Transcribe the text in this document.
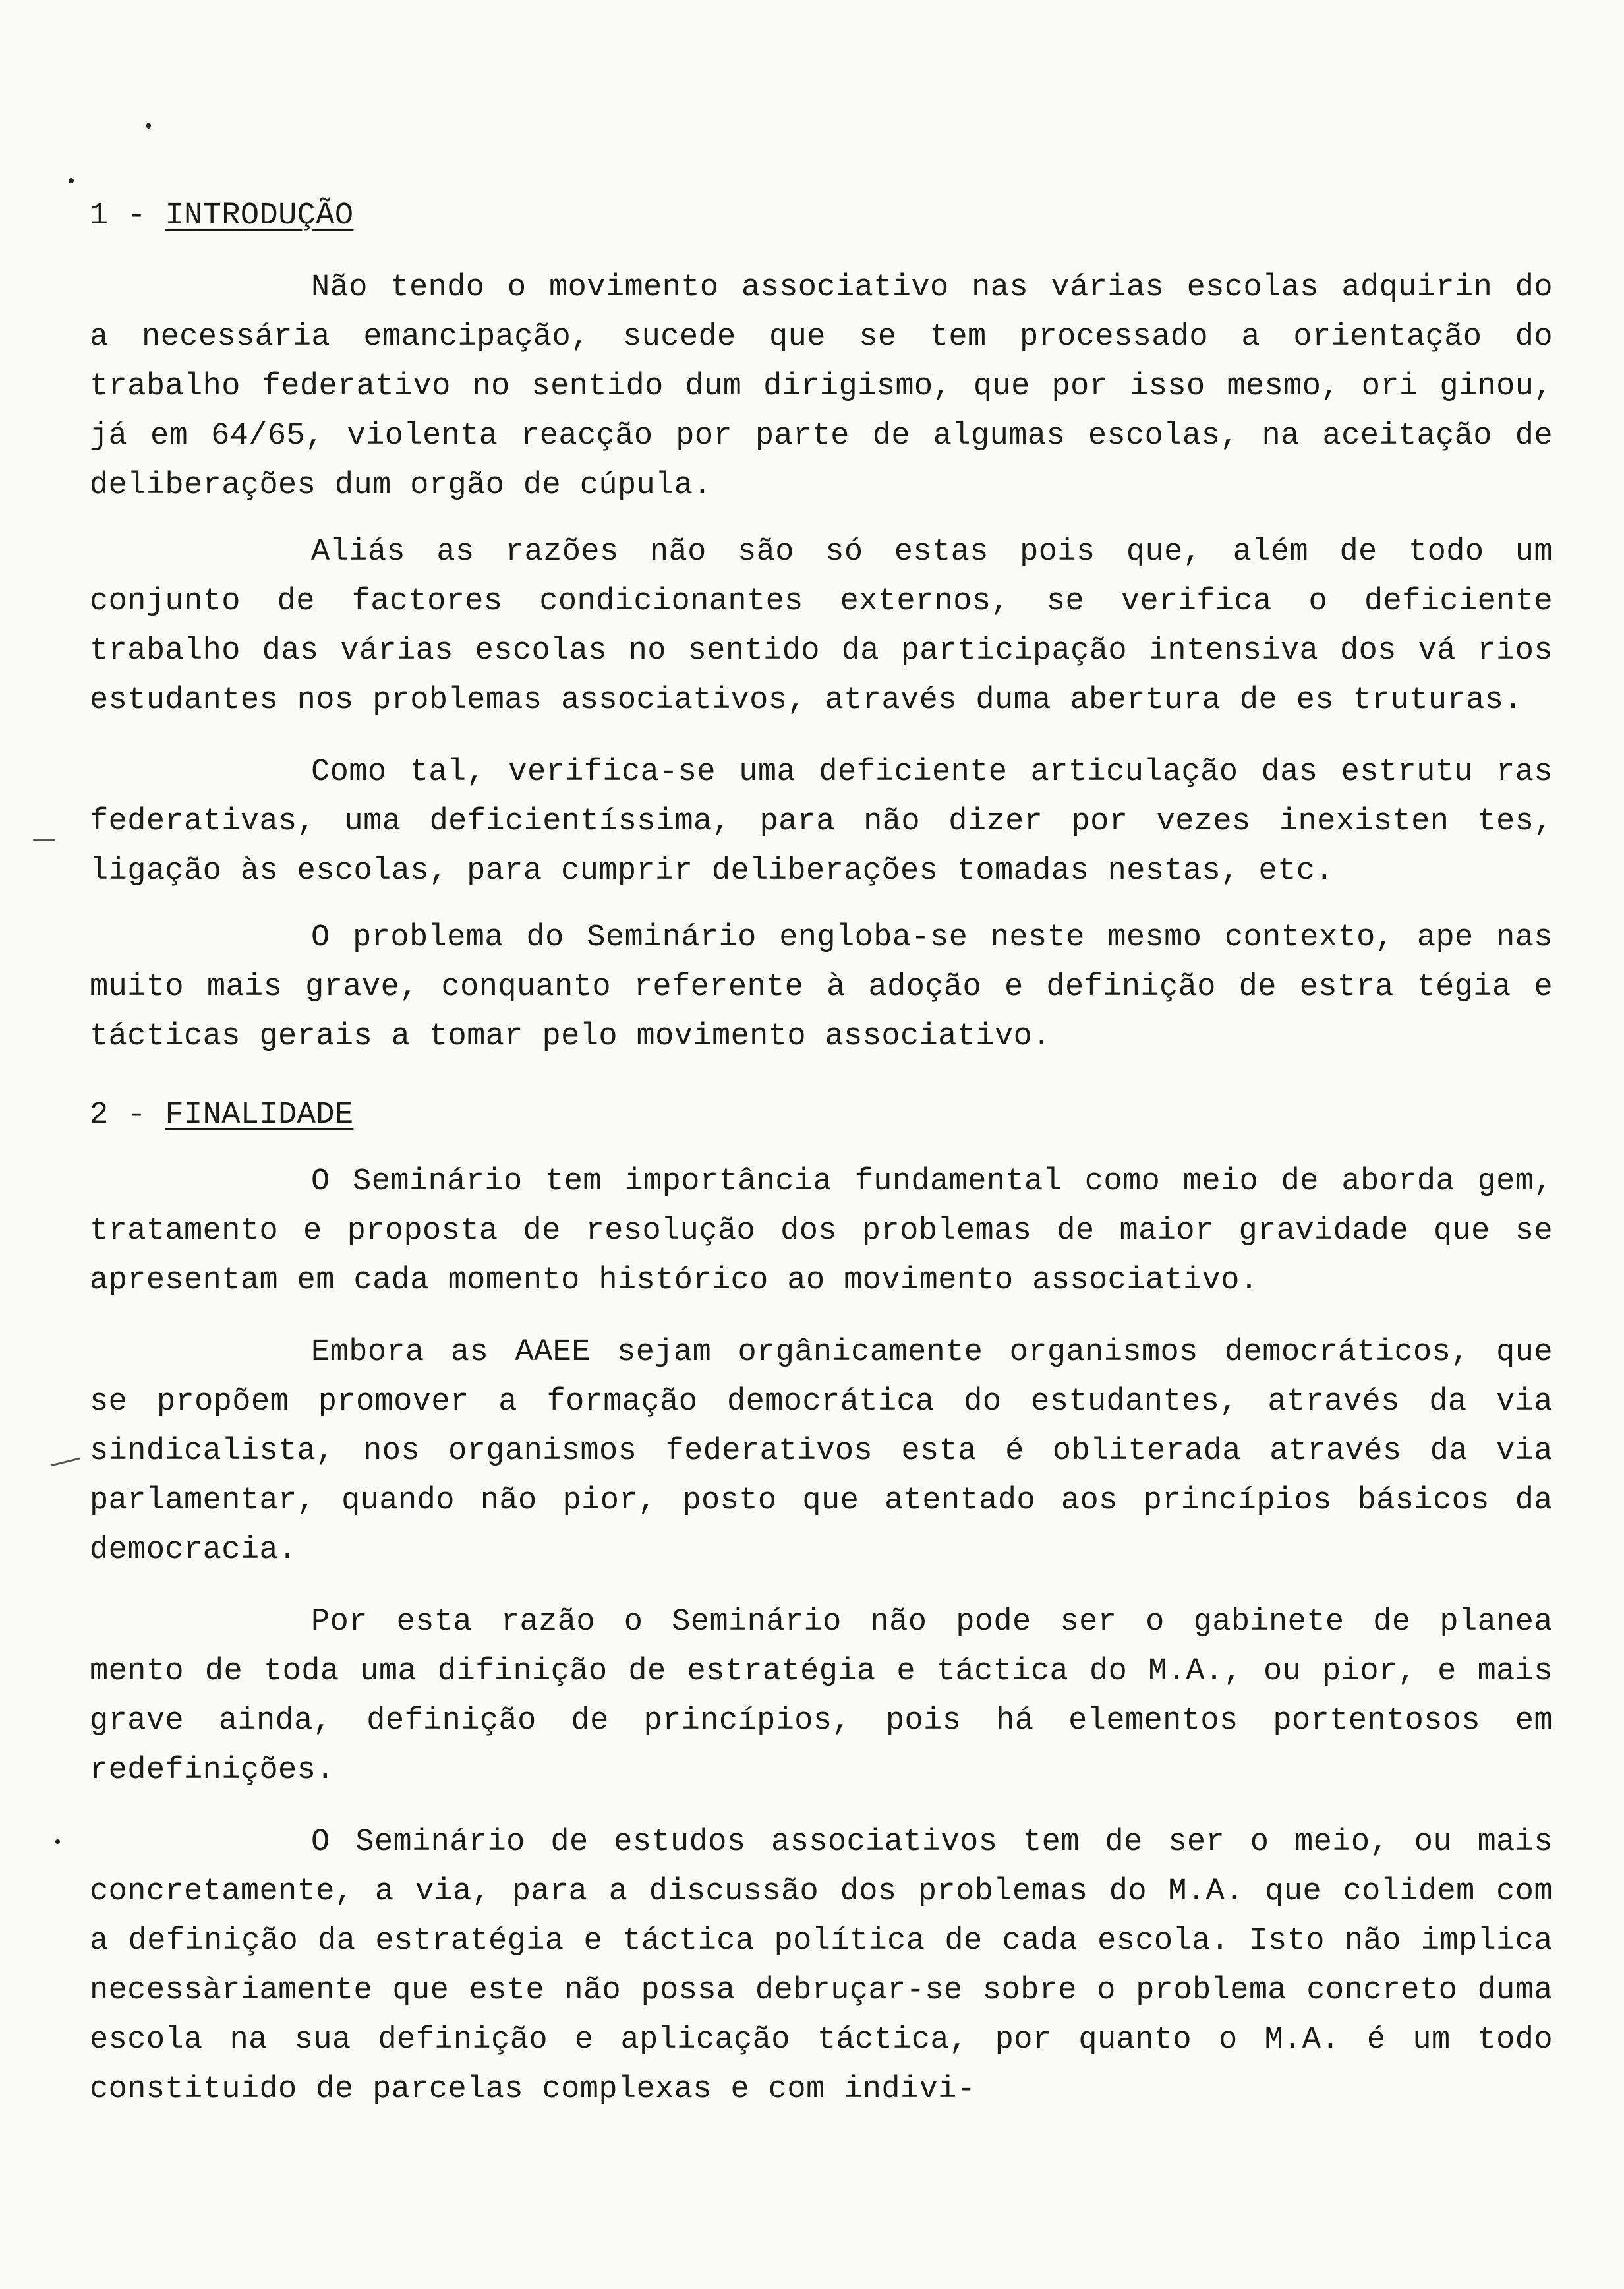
1 - INTRODUÇÃO

Não tendo o movimento associativo nas várias escolas adquirin do a necessária emancipação, sucede que se tem processado a orientação do trabalho federativo no sentido dum dirigismo, que por isso mesmo, ori ginou, já em 64/65, violenta reacção por parte de algumas escolas, na aceitação de deliberações dum orgão de cúpula.

Aliás as razões não são só estas pois que, além de todo um conjunto de factores condicionantes externos, se verifica o deficiente trabalho das várias escolas no sentido da participação intensiva dos vá rios estudantes nos problemas associativos, através duma abertura de es truturas.

Como tal, verifica-se uma deficiente articulação das estrutu ras federativas, uma deficientíssima, para não dizer por vezes inexisten tes, ligação às escolas, para cumprir deliberações tomadas nestas, etc.

O problema do Seminário engloba-se neste mesmo contexto, ape nas muito mais grave, conquanto referente à adoção e definição de estra tégia e tácticas gerais a tomar pelo movimento associativo.

2 - FINALIDADE

O Seminário tem importância fundamental como meio de aborda gem, tratamento e proposta de resolução dos problemas de maior gravidade que se apresentam em cada momento histórico ao movimento associativo.

Embora as AAEE sejam orgânicamente organismos democráticos, que se propõem promover a formação democrática do estudantes, através da via sindicalista, nos organismos federativos esta é obliterada através da via parlamentar, quando não pior, posto que atentado aos princípios básicos da democracia.

Por esta razão o Seminário não pode ser o gabinete de planea mento de toda uma difinição de estratégia e táctica do M.A., ou pior, e mais grave ainda, definição de princípios, pois há elementos portentosos em redefinições.

O Seminário de estudos associativos tem de ser o meio, ou mais concretamente, a via, para a discussão dos problemas do M.A. que colidem com a definição da estratégia e táctica política de cada escola. Isto não implica necessàriamente que este não possa debruçar-se sobre o problema concreto duma escola na sua definição e aplicação táctica, por quanto o M.A. é um todo constituido de parcelas complexas e com indivi-
